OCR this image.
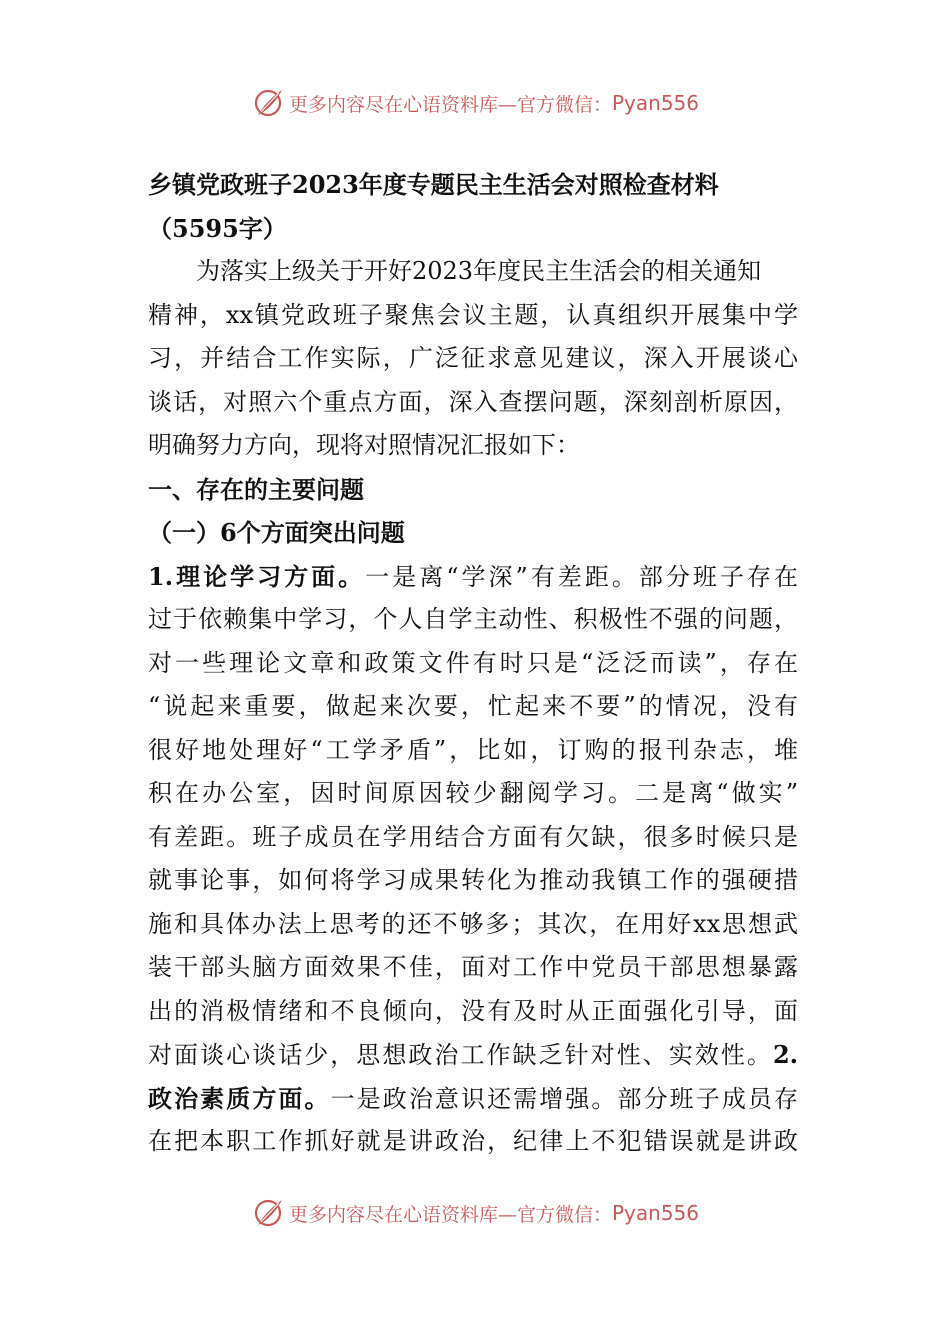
更多内容尽在心语资料库—官方微信： Pyan556
乡镇党政班子2023年度专题民主生活会对照检查材料
（5595字）
为落实上级关于开好2023年度民主生活会的相关通知
精神，xx镇党政班子聚焦会议主题，认真组织开展集中学
习，并结合工作实际，广泛征求意见建议，深入开展谈心
谈话，对照六个重点方面，深入查摆问题，深刻剖析原因，
明确努力方向，现将对照情况汇报如下：
一、存在的主要问题
（一）6个方面突出问题
1.理论学习方面。一是离“学深”有差距。部分班子存在
过于依赖集中学习，个人自学主动性、积极性不强的问题，
对一些理论文章和政策文件有时只是“泛泛而读”，存在
“说起来重要，做起来次要，忙起来不要”的情况，没有
很好地处理好“工学矛盾”，比如，订购的报刊杂志，堆
积在办公室，因时间原因较少翻阅学习。二是离“做实”
有差距。班子成员在学用结合方面有欠缺，很多时候只是
就事论事，如何将学习成果转化为推动我镇工作的强硬措
施和具体办法上思考的还不够多；其次，在用好xx思想武
装干部头脑方面效果不佳，面对工作中党员干部思想暴露
出的消极情绪和不良倾向，没有及时从正面强化引导，面
对面谈心谈话少，思想政治工作缺乏针对性、实效性。2.
政治素质方面。一是政治意识还需增强。部分班子成员存
在把本职工作抓好就是讲政治，纪律上不犯错误就是讲政
更多内容尽在心语资料库—官方微信： Pyan556
